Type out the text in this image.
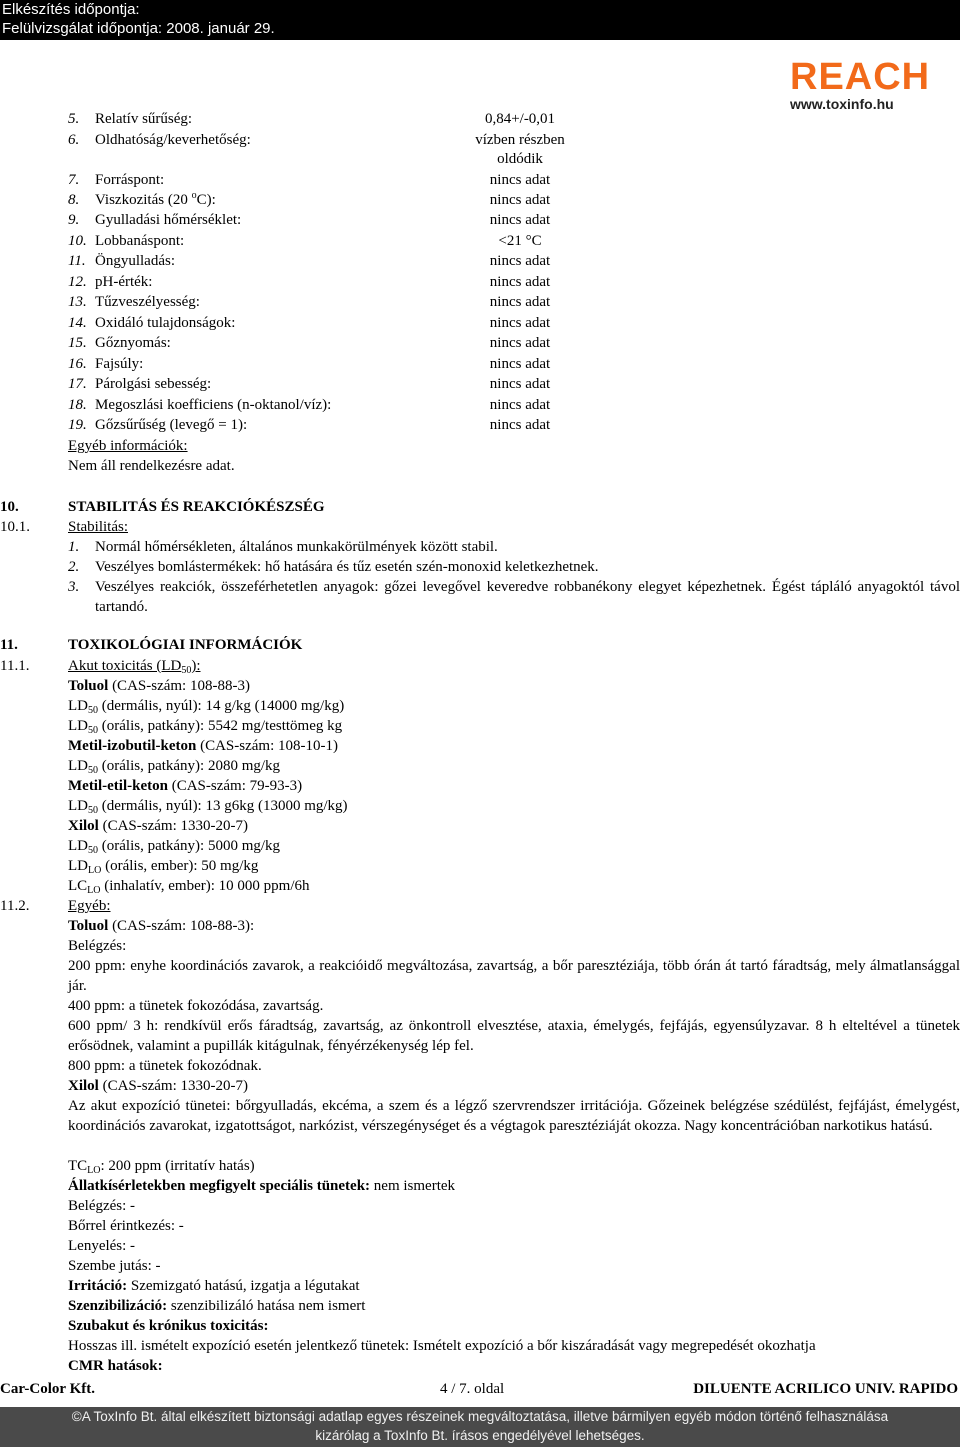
Elkészítés időpontja:
Felülvizsgálat időpontja: 2008. január 29.
REACH
www.toxinfo.hu
5. Relatív sűrűség:	0,84+/-0,01
6. Oldhatóság/keverhetőség:	vízben részben
oldódik
7. Forráspont:	nincs adat
8. Viszkozitás (20 $^o$C):	nincs adat
9. Gyulladási hőmérséklet:	nincs adat
10. Lobbanáspont:	<21 °C
11. Öngyulladás:	nincs adat
12. pH-érték:	nincs adat
13. Tűzveszélyesség:	nincs adat
14. Oxidáló tulajdonságok:	nincs adat
15. Gőznyomás:	nincs adat
16. Fajsúly:	nincs adat
17. Párolgási sebesség:	nincs adat
18. Megoszlási koefficiens (n-oktanol/víz):	nincs adat
19. Gőzsűrűség (levegő = 1):	nincs adat
Egyéb információk:
Nem áll rendelkezésre adat.
10.	STABILITÁS ÉS REAKCIÓKÉSZSÉG
10.1.	Stabilitás:
1. Normál hőmérsékleten, általános munkakörülmények között stabil.
2. Veszélyes bomlástermékek: hő hatására és tűz esetén szén-monoxid keletkezhetnek.
3. Veszélyes reakciók, összeférhetetlen anyagok: gőzei levegővel keveredve robbanékony elegyet képezhetnek. Égést tápláló anyagoktól távol tartandó.
11.	TOXIKOLÓGIAI INFORMÁCIÓK
11.1.	Akut toxicitás $(LD_{50})$:
Toluol (CAS-szám: 108-88-3)
$LD_{50}$ (dermális, nyúl): 14 g/kg (14000 mg/kg)
$LD_{50}$ (orális, patkány): 5542 mg/testtömeg kg
Metil-izobutil-keton (CAS-szám: 108-10-1)
$LD_{50}$ (orális, patkány): 2080 mg/kg
Metil-etil-keton (CAS-szám: 79-93-3)
$LD_{50}$ (dermális, nyúl): 13 g6kg (13000 mg/kg)
Xilol (CAS-szám: 1330-20-7)
$LD_{50}$ (orális, patkány): 5000 mg/kg
$LD_{LO}$ (orális, ember): 50 mg/kg
$LC_{LO}$ (inhalatív, ember): 10 000 ppm/6h
11.2.	Egyéb:
Toluol (CAS-szám: 108-88-3):
Belégzés:
200 ppm: enyhe koordinációs zavarok, a reakcióidő megváltozása, zavartság, a bőr paresztéziája, több órán át tartó fáradtság, mely álmatlansággal jár.
400 ppm: a tünetek fokozódása, zavartság.
600 ppm/ 3 h: rendkívül erős fáradtság, zavartság, az önkontroll elvesztése, ataxia, émelygés, fejfájás, egyensúlyzavar. 8 h elteltével a tünetek erősödnek, valamint a pupillák kitágulnak, fényérzékenység lép fel.
800 ppm: a tünetek fokozódnak.
Xilol (CAS-szám: 1330-20-7)
Az akut expozíció tünetei: bőrgyulladás, ekcéma, a szem és a légző szervrendszer irritációja. Gőzeinek belégzése szédülést, fejfájást, émelygést, koordinációs zavarokat, izgatottságot, narkózist, vérszegénységet és a végtagok paresztéziáját okozza. Nagy koncentrációban narkotikus hatású.
$TC_{LO}$: 200 ppm (irritatív hatás)
Állatkísérletekben megfigyelt speciális tünetek: nem ismertek
Belégzés: -
Bőrrel érintkezés: -
Lenyelés: -
Szembe jutás: -
Irritáció: Szemizgató hatású, izgatja a légutakat
Szenzibilizáció: szenzibilizáló hatása nem ismert
Szubakut és krónikus toxicitás:
Hosszas ill. ismételt expozíció esetén jelentkező tünetek: Ismételt expozíció a bőr kiszáradását vagy megrepedését okozhatja
CMR hatások:
Car-Color Kft.	4 / 7. oldal	DILUENTE ACRILICO UNIV. RAPIDO
©A ToxInfo Bt. által elkészített biztonsági adatlap egyes részeinek megváltoztatása, illetve bármilyen egyéb módon történő felhasználása
kizárólag a ToxInfo Bt. írásos engedélyével lehetséges.
